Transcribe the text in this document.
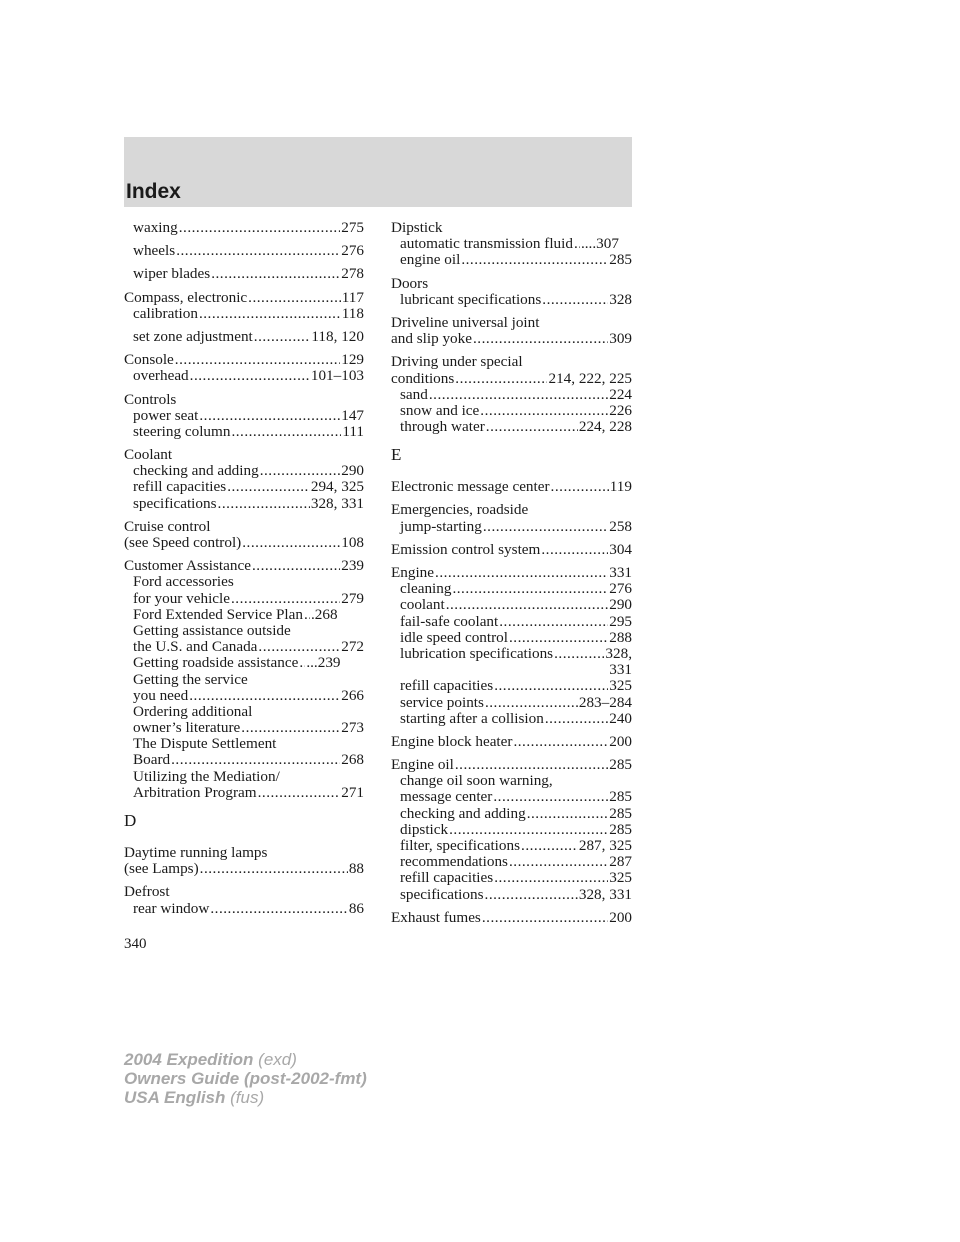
Index
waxing .....	275
wheels .....	276
wiper blades .....	278
Compass, electronic .....	117
calibration .....	118
set zone adjustment .....	118, 120
Console .....	129
overhead .....	101–103
Controls
power seat .....	147
steering column .....	111
Coolant
checking and adding .....	290
refill capacities .....	294, 325
specifications .....	328, 331
Cruise control
(see Speed control) .....	108
Customer Assistance .....	239
Ford accessories
for your vehicle .....	279
Ford Extended Service Plan ..... .268
Getting assistance outside
the U.S. and Canada .....	272
Getting roadside assistance ..... ...239
Getting the service
you need .....	266
Ordering additional
owner’s literature .....	273
The Dispute Settlement
Board .....	268
Utilizing the Mediation/
Arbitration Program .....	271
D
Daytime running lamps
(see Lamps) .....	88
Defrost
rear window .....	86
Dipstick
automatic transmission fluid ..... ....307
engine oil .....	285
Doors
lubricant specifications .....	328
Driveline universal joint
and slip yoke .....	309
Driving under special
conditions .....	214, 222, 225
sand .....	224
snow and ice .....	226
through water .....	224, 228
E
Electronic message center .....	119
Emergencies, roadside
jump-starting .....	258
Emission control system .....	304
Engine .....	331
cleaning .....	276
coolant .....	290
fail-safe coolant .....	295
idle speed control .....	288
lubrication specifications .....	328,
331
refill capacities .....	325
service points .....	283–284
starting after a collision .....	240
Engine block heater .....	200
Engine oil .....	285
change oil soon warning,
message center .....	285
checking and adding .....	285
dipstick .....	285
filter, specifications .....	287, 325
recommendations .....	287
refill capacities .....	325
specifications .....	328, 331
Exhaust fumes .....	200
340
2004 Expedition (exd)
Owners Guide (post-2002-fmt)
USA English (fus)
